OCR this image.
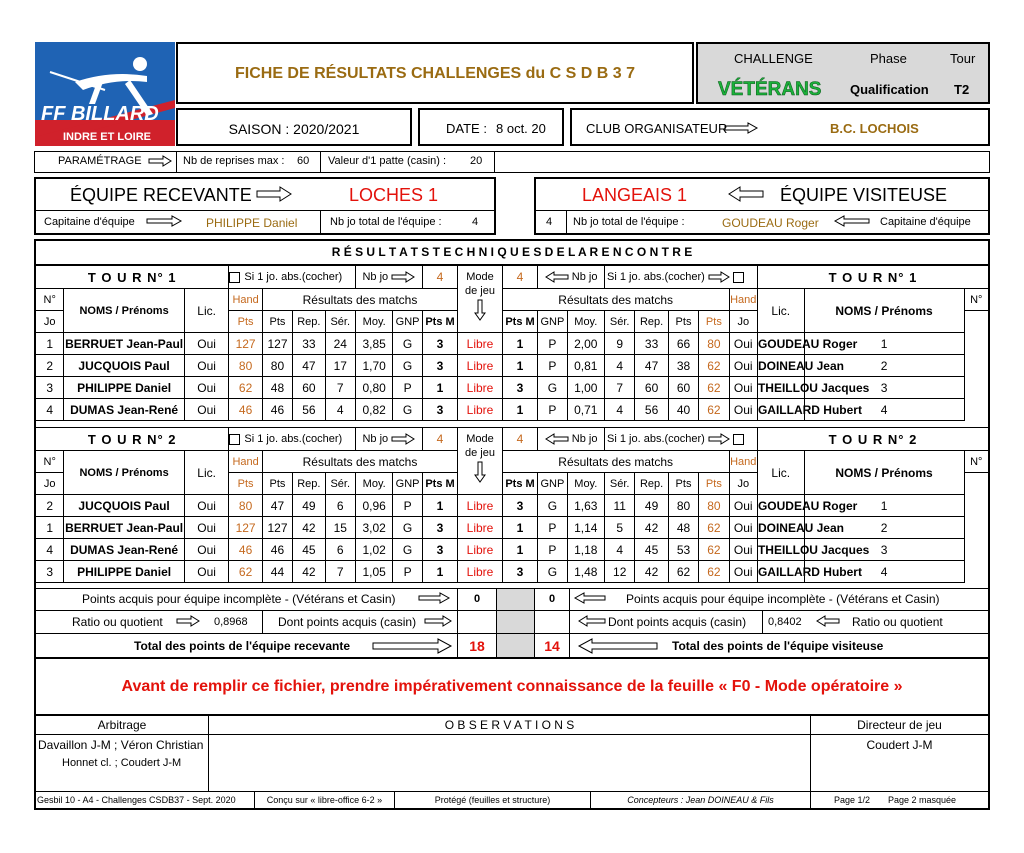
FF BILLARD
INDRE ET LOIRE
FICHE DE RÉSULTATS CHALLENGES du C S D B 3 7
CHALLENGE	Phase	Tour
VÉTÉRANS Qualification T2
SAISON : 2020/2021	DATE : 8 oct. 20	CLUB ORGANISATEUR	B.C. LOCHOIS
PARAMÉTRAGE	Nb de reprises max : 60 Valeur d'1 patte (casin) : 20
ÉQUIPE RECEVANTE	LOCHES 1
Capitaine d'équipe	PHILIPPE Daniel	Nb jo total de l'équipe :	4
LANGEAIS 1	ÉQUIPE VISITEUSE
4 Nb jo total de l'équipe :	GOUDEAU Roger	Capitaine d'équipe
R É S U L T A T S T E C H N I Q U E S D E L A R E N C O N T R E
T O U R N° 1			Si 1 jo. abs.(cocher)				Nb jo		4	Mode
de jeu	4	Nb jo		Si 1 jo. abs.(cocher)					T O U R N° 1		
N°	NOMS / Prénoms	Lic.	Hand	Résultats des matchs							Résultats des matchs							Hand	Lic.	NOMS / Prénoms	N°
Jo			Pts	Pts	Rep.	Sér.	Moy.	GNP	Pts M		Pts M	GNP	Moy.	Sér.	Rep.	Pts	Pts	Jo			
1	BERRUET Jean-Paul	Oui	127	127	33	24	3,85	G	3	Libre	1	P	2,00	9	33	66	80	Oui	GOUDEAU Roger	1	
2	JUCQUOIS Paul	Oui	80	80	47	17	1,70	G	3	Libre	1	P	0,81	4	47	38	62	Oui	DOINEAU Jean	2	
3	PHILIPPE Daniel	Oui	62	48	60	7	0,80	P	1	Libre	3	G	1,00	7	60	60	62	Oui	THEILLOU Jacques	3	
4	DUMAS Jean-René	Oui	46	46	56	4	0,82	G	3	Libre	1	P	0,71	4	56	40	62	Oui	GAILLARD Hubert	4	
T O U R N° 2			Si 1 jo. abs.(cocher)				Nb jo		4	Mode
de jeu	4	Nb jo		Si 1 jo. abs.(cocher)					T O U R N° 2		
N°	NOMS / Prénoms	Lic.	Hand	Résultats des matchs							Résultats des matchs							Hand	Lic.	NOMS / Prénoms	N°
Jo			Pts	Pts	Rep.	Sér.	Moy.	GNP	Pts M		Pts M	GNP	Moy.	Sér.	Rep.	Pts	Pts	Jo			
2	JUCQUOIS Paul	Oui	80	47	49	6	0,96	P	1	Libre	3	G	1,63	11	49	80	80	Oui	GOUDEAU Roger	1	
1	BERRUET Jean-Paul	Oui	127	127	42	15	3,02	G	3	Libre	1	P	1,14	5	42	48	62	Oui	DOINEAU Jean	2	
4	DUMAS Jean-René	Oui	46	46	45	6	1,02	G	3	Libre	1	P	1,18	4	45	53	62	Oui	THEILLOU Jacques	3	
3	PHILIPPE Daniel	Oui	62	44	42	7	1,05	P	1	Libre	3	G	1,48	12	42	62	62	Oui	GAILLARD Hubert	4	
Points acquis pour équipe incomplète - (Vétérans et Casin)	0	0	Points acquis pour équipe incomplète - (Vétérans et Casin)
Ratio ou quotient	0,8968	Dont points acquis (casin)	Dont points acquis (casin) 0,8402	Ratio ou quotient
Total des points de l'équipe recevante	18	14	Total des points de l'équipe visiteuse
Avant de remplir ce fichier, prendre impérativement connaissance de la feuille « F0 - Mode opératoire »
Arbitrage	O B S E R V A T I O N S	Directeur de jeu
Davaillon J-M ; Véron Christian
Honnet cl. ; Coudert J-M
Coudert J-M
Gesbil 10 - A4 - Challenges CSDB37 - Sept. 2020	Conçu sur « libre-office 6-2 »	Protégé (feuilles et structure)	Concepteurs : Jean DOINEAU & Fils	Page 1/2 Page 2 masquée
